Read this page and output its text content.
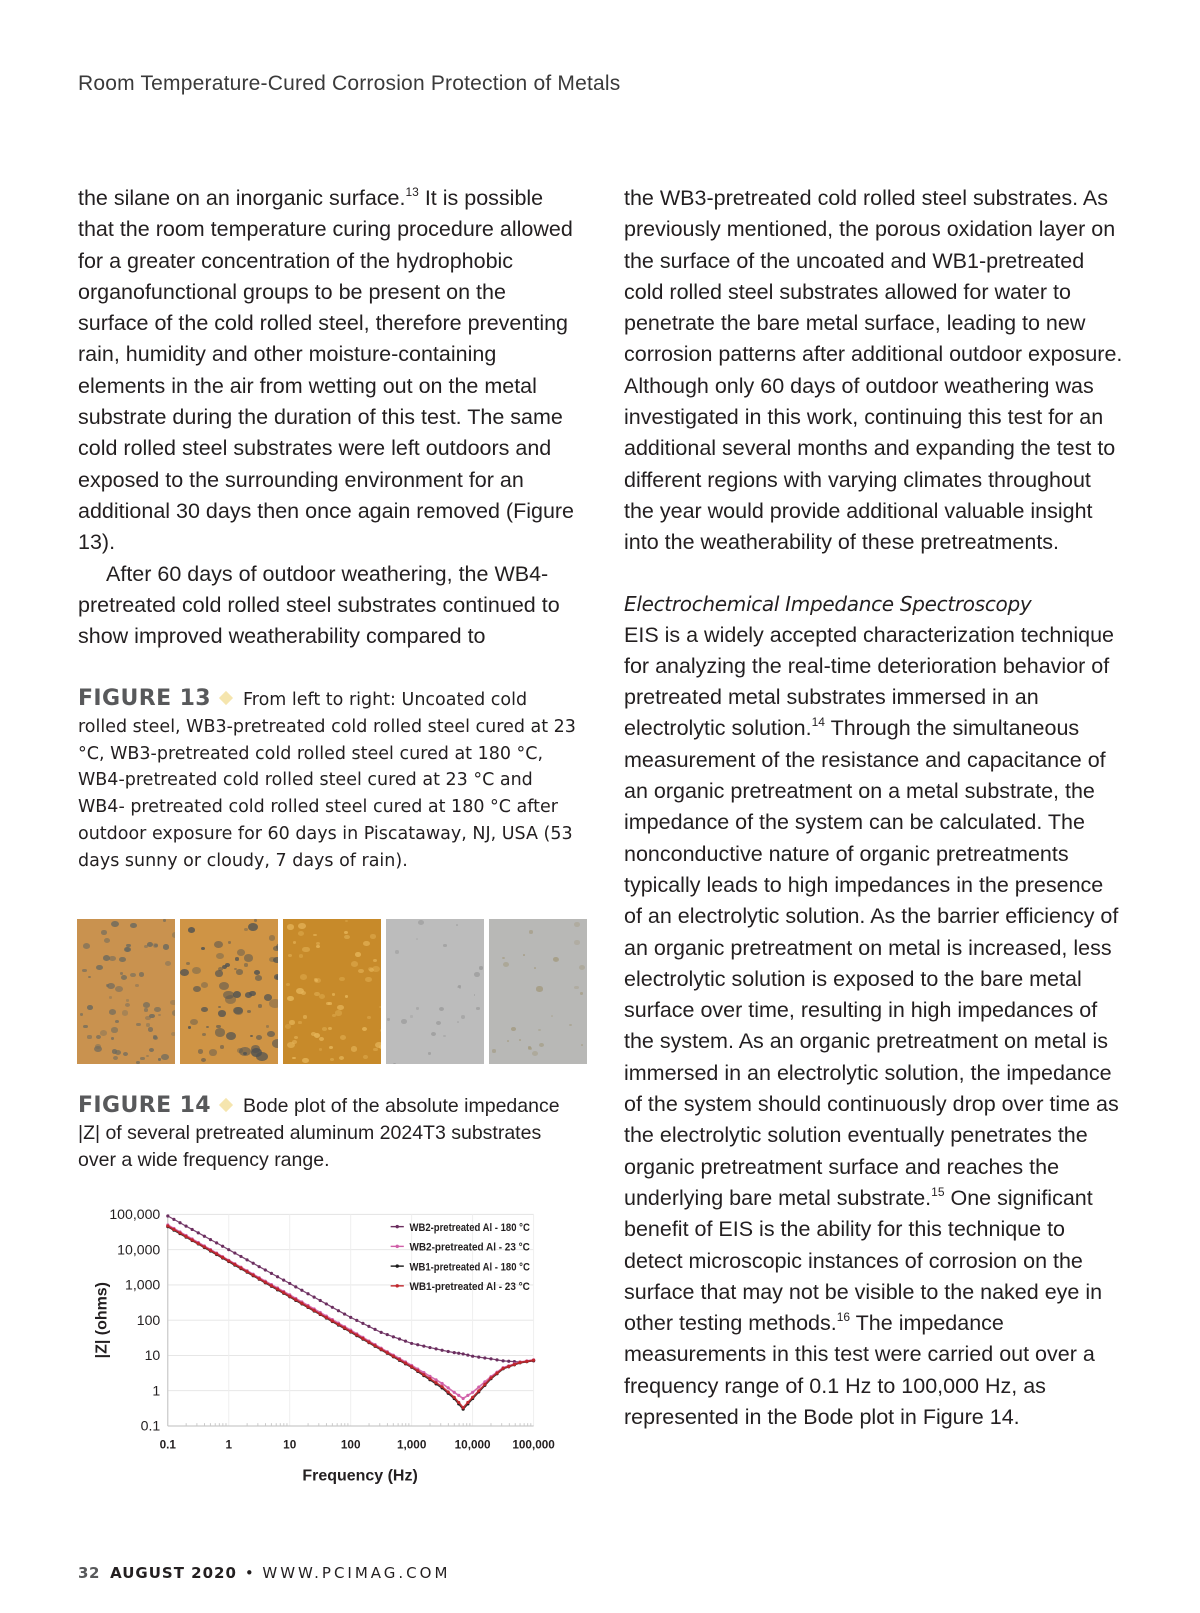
Room Temperature-Cured Corrosion Protection of Metals

the silane on an inorganic surface.$^{13}$ It is possible that the room temperature curing procedure allowed for a greater concentration of the hydrophobic organofunctional groups to be present on the surface of the cold rolled steel, therefore preventing rain, humidity and other moisture-containing elements in the air from wetting out on the metal substrate during the duration of this test. The same cold rolled steel substrates were left outdoors and exposed to the surrounding environment for an additional 30 days then once again removed (Figure 13).

After 60 days of outdoor weathering, the WB4-pretreated cold rolled steel substrates continued to show improved weatherability compared to

FIGURE 13 From left to right: Uncoated cold rolled steel, WB3-pretreated cold rolled steel cured at 23 °C, WB3-pretreated cold rolled steel cured at 180 °C, WB4-pretreated cold rolled steel cured at 23 °C and WB4- pretreated cold rolled steel cured at 180 °C after outdoor exposure for 60 days in Piscataway, NJ, USA (53 days sunny or cloudy, 7 days of rain).

FIGURE 14 Bode plot of the absolute impedance |Z| of several pretreated aluminum 2024T3 substrates over a wide frequency range.

100,000
10,000
1,000
100
10
1
0.1
0.1	1	10	100	1,000 10,000 100,000
Frequency (Hz)
|Z| (ohms)
WB2-pretreated Al - 180 °C
WB2-pretreated Al - 23 °C
WB1-pretreated Al - 180 °C
WB1-pretreated Al - 23 °C

the WB3-pretreated cold rolled steel substrates. As previously mentioned, the porous oxidation layer on the surface of the uncoated and WB1-pretreated cold rolled steel substrates allowed for water to penetrate the bare metal surface, leading to new corrosion patterns after additional outdoor exposure. Although only 60 days of outdoor weathering was investigated in this work, continuing this test for an additional several months and expanding the test to different regions with varying climates throughout the year would provide additional valuable insight into the weatherability of these pretreatments.

Electrochemical Impedance Spectroscopy

EIS is a widely accepted characterization technique for analyzing the real-time deterioration behavior of pretreated metal substrates immersed in an electrolytic solution.$^{14}$ Through the simultaneous measurement of the resistance and capacitance of an organic pretreatment on a metal substrate, the impedance of the system can be calculated. The nonconductive nature of organic pretreatments typically leads to high impedances in the presence of an electrolytic solution. As the barrier efficiency of an organic pretreatment on metal is increased, less electrolytic solution is exposed to the bare metal surface over time, resulting in high impedances of the system. As an organic pretreatment on metal is immersed in an electrolytic solution, the impedance of the system should continuously drop over time as the electrolytic solution eventually penetrates the organic pretreatment surface and reaches the underlying bare metal substrate.$^{15}$ One significant benefit of EIS is the ability for this technique to detect microscopic instances of corrosion on the surface that may not be visible to the naked eye in other testing methods.$^{16}$ The impedance measurements in this test were carried out over a frequency range of 0.1 Hz to 100,000 Hz, as represented in the Bode plot in Figure 14.

32 AUGUST 2020 • WWW.PCIMAG.COM
